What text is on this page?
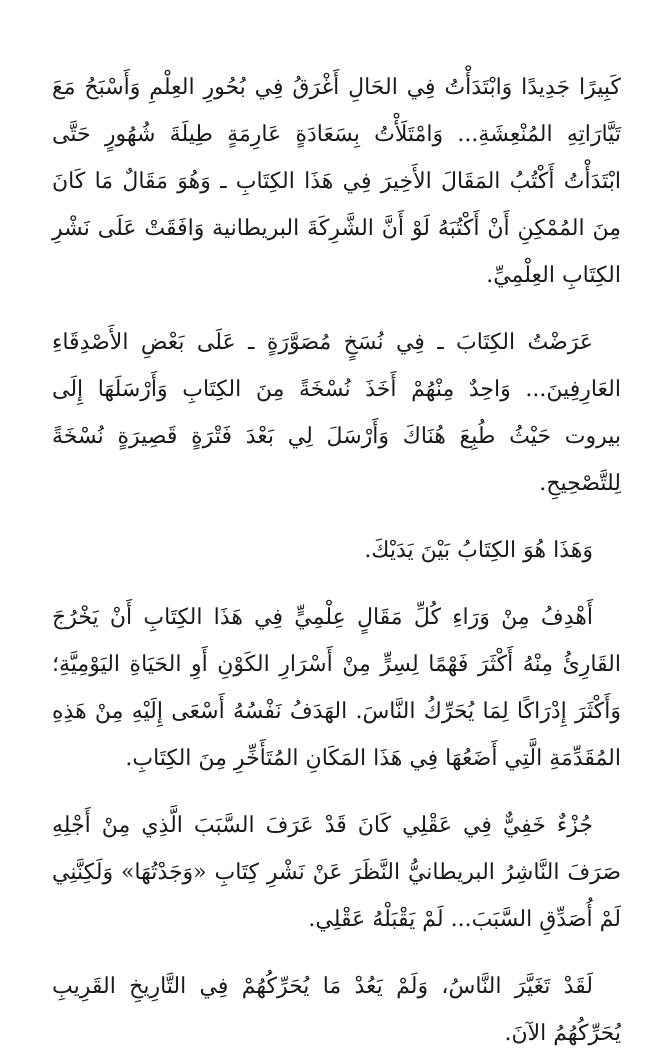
كَبِيرًا جَدِيدًا وَابْتَدَأْتُ فِي الحَالِ أَغْرَقُ فِي بُحُورِ العِلْمِ وَأَسْبَحُ مَعَ تَيَّارَاتِهِ المُنْعِشَةِ... وَامْتَلَأْتُ بِسَعَادَةٍ عَارِمَةٍ طِيلَةَ شُهُورٍ حَتَّى ابْتَدَأْتُ أَكْتُبُ المَقَالَ الأَخِيرَ فِي هَذَا الكِتَابِ ـ وَهُوَ مَقَالٌ مَا كَانَ مِنَ المُمْكِنِ أَنْ أَكْتُبَهُ لَوْ أَنَّ الشَّرِكَةَ البريطانية وَافَقَتْ عَلَى نَشْرِ الكِتَابِ العِلْمِيِّ.

عَرَضْتُ الكِتَابَ ـ فِي نُسَخٍ مُصَوَّرَةٍ ـ عَلَى بَعْضِ الأَصْدِقَاءِ العَارِفِينَ... وَاحِدٌ مِنْهُمْ أَخَذَ نُسْخَةً مِنَ الكِتَابِ وَأَرْسَلَهَا إِلَى بيروت حَيْثُ طُبِعَ هُنَاكَ وَأَرْسَلَ لِي بَعْدَ فَتْرَةٍ قَصِيرَةٍ نُسْخَةً لِلتَّصْحِيحِ.

وَهَذَا هُوَ الكِتَابُ بَيْنَ يَدَيْكَ.

أَهْدِفُ مِنْ وَرَاءِ كُلِّ مَقَالٍ عِلْمِيٍّ فِي هَذَا الكِتَابِ أَنْ يَخْرُجَ القَارِئُ مِنْهُ أَكْثَرَ فَهْمًا لِسِرٍّ مِنْ أَسْرَارِ الكَوْنِ أَوِ الحَيَاةِ اليَوْمِيَّةِ؛ وَأَكْثَرَ إِدْرَاكًا لِمَا يُحَرِّكُ النَّاسَ. الهَدَفُ نَفْسُهُ أَسْعَى إِلَيْهِ مِنْ هَذِهِ المُقَدِّمَةِ الَّتِي أَضَعُهَا فِي هَذَا المَكَانِ المُتَأَخِّرِ مِنَ الكِتَابِ.

جُزْءٌ خَفِيٌّ فِي عَقْلِي كَانَ قَدْ عَرَفَ السَّبَبَ الَّذِي مِنْ أَجْلِهِ صَرَفَ النَّاشِرُ البريطانيُّ النَّظَرَ عَنْ نَشْرِ كِتَابِ «وَجَدْتُهَا» وَلَكِنَّنِي لَمْ أُصَدِّقِ السَّبَبَ... لَمْ يَقْبَلْهُ عَقْلِي.

لَقَدْ تَغَيَّرَ النَّاسُ، وَلَمْ يَعُدْ مَا يُحَرِّكُهُمْ فِي التَّارِيخِ القَرِيبِ يُحَرِّكُهُمُ الآنَ.
